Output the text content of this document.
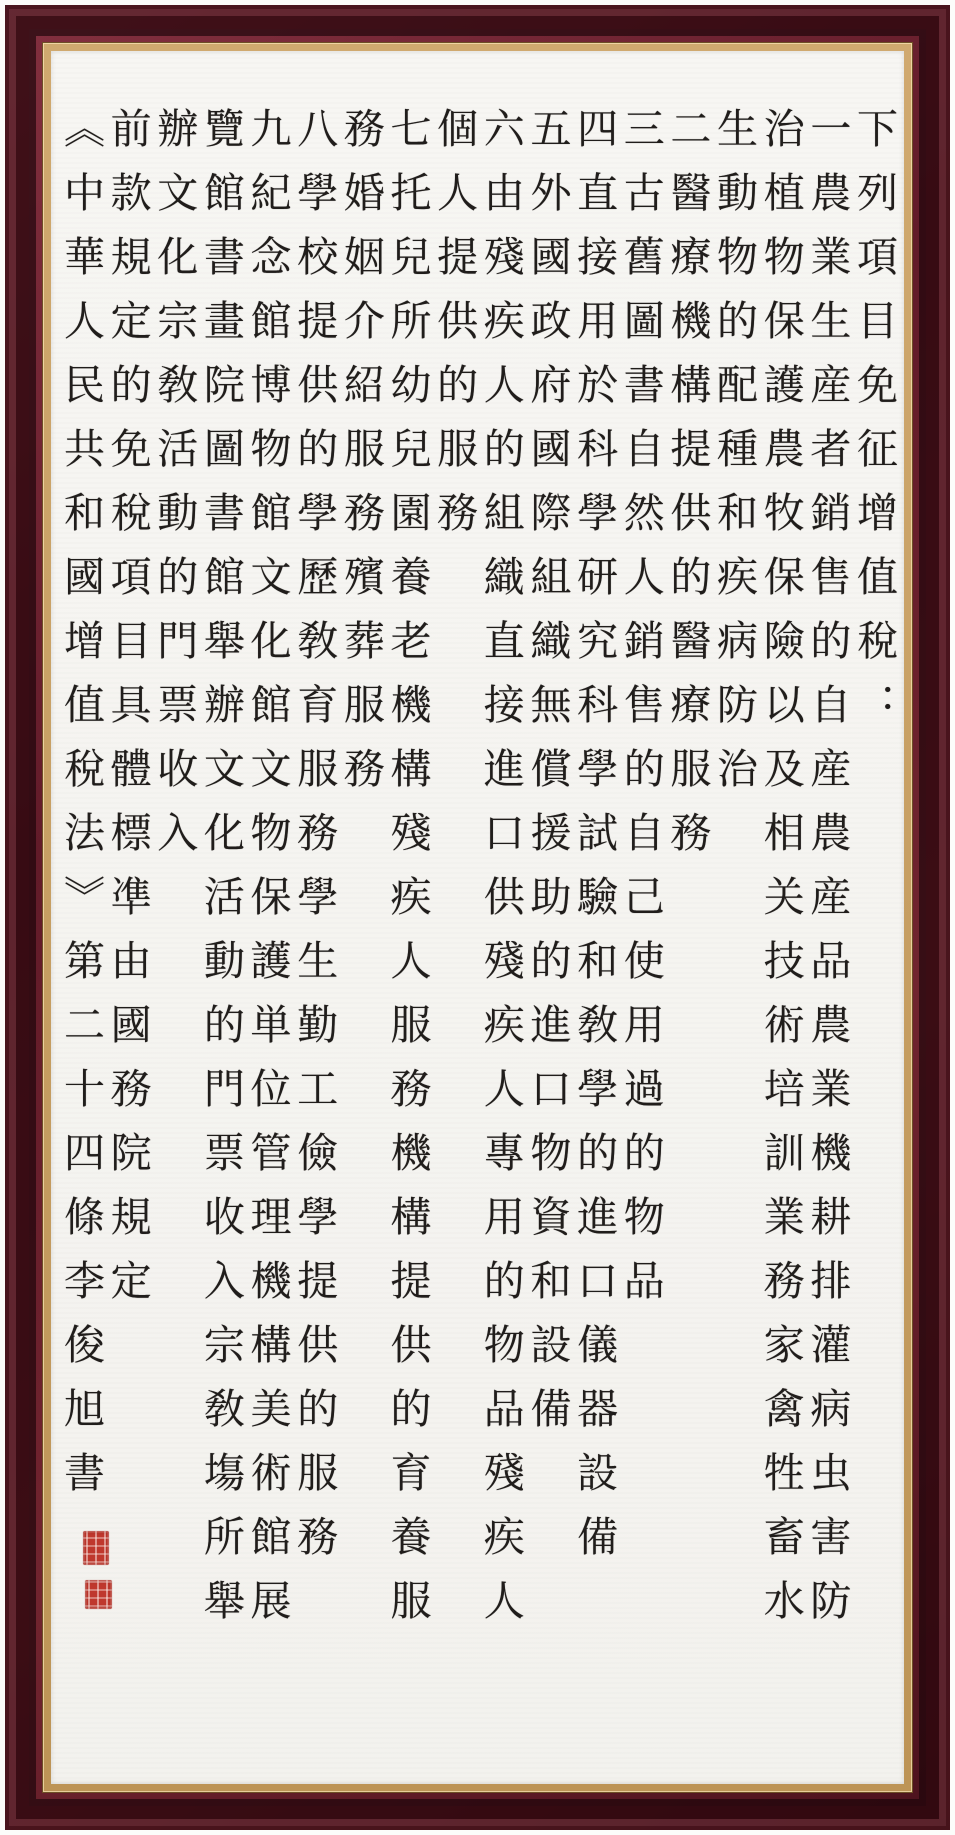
下列項目免征增值稅：
一農業生産者銷售的自産農産品農業機耕排灌病虫害防
治植物保護農牧保險以及相关技術培訓業務家禽牲畜水
生動物的配種和疾病防治
二醫療機構提供的醫療服務
三古舊圖書自然人銷售的自己使用過的物品
四直接用於科學研究科學試驗和敎學的進口儀器設備
五外國政府國際組織無償援助的進口物資和設備
六由殘疾人的組織直接進口供殘疾人專用的物品殘疾人
個人提供的服務
七托兒所幼兒園養老機構殘疾人服務機構提供的育養服
務婚姻介紹服務殯葬服務
八學校提供的學歷敎育服務學生勤工儉學提供的服務
九紀念館博物館文化館文物保護単位管理機構美術館展
覽館書畫院圖書館舉辦文化活動的門票收入宗敎塲所舉
辦文化宗敎活動的門票收入
前款規定的免稅項目具體標凖由國務院規定
︽中華人民共和國增值稅法︾第二十四條李俊旭書
